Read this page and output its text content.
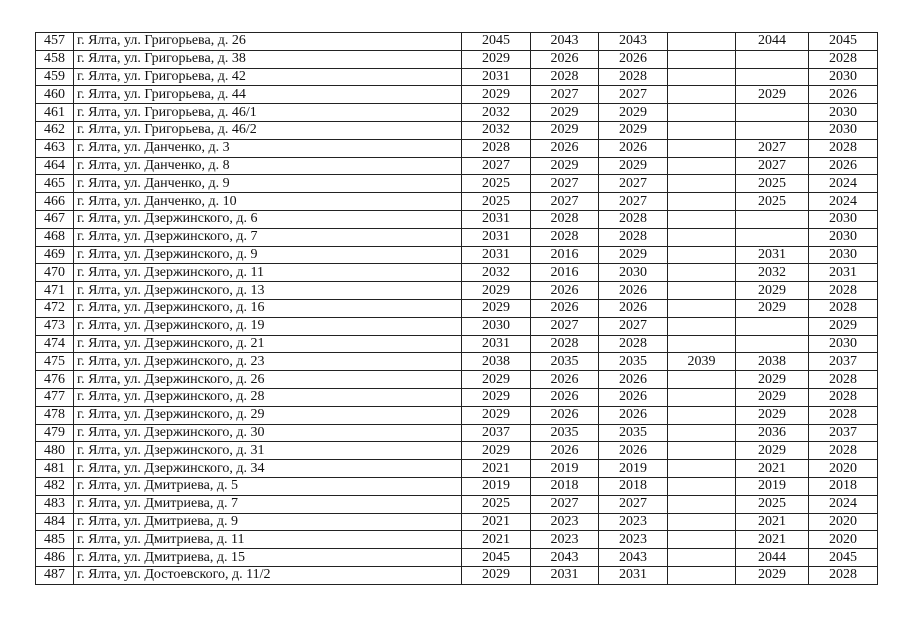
457	г. Ялта, ул. Григорьева, д. 26	2045	2043	2043		2044	2045
458	г. Ялта, ул. Григорьева, д. 38	2029	2026	2026			2028
459	г. Ялта, ул. Григорьева, д. 42	2031	2028	2028			2030
460	г. Ялта, ул. Григорьева, д. 44	2029	2027	2027		2029	2026
461	г. Ялта, ул. Григорьева, д. 46/1	2032	2029	2029			2030
462	г. Ялта, ул. Григорьева, д. 46/2	2032	2029	2029			2030
463	г. Ялта, ул. Данченко, д. 3	2028	2026	2026		2027	2028
464	г. Ялта, ул. Данченко, д. 8	2027	2029	2029		2027	2026
465	г. Ялта, ул. Данченко, д. 9	2025	2027	2027		2025	2024
466	г. Ялта, ул. Данченко, д. 10	2025	2027	2027		2025	2024
467	г. Ялта, ул. Дзержинского, д. 6	2031	2028	2028			2030
468	г. Ялта, ул. Дзержинского, д. 7	2031	2028	2028			2030
469	г. Ялта, ул. Дзержинского, д. 9	2031	2016	2029		2031	2030
470	г. Ялта, ул. Дзержинского, д. 11	2032	2016	2030		2032	2031
471	г. Ялта, ул. Дзержинского, д. 13	2029	2026	2026		2029	2028
472	г. Ялта, ул. Дзержинского, д. 16	2029	2026	2026		2029	2028
473	г. Ялта, ул. Дзержинского, д. 19	2030	2027	2027			2029
474	г. Ялта, ул. Дзержинского, д. 21	2031	2028	2028			2030
475	г. Ялта, ул. Дзержинского, д. 23	2038	2035	2035	2039	2038	2037
476	г. Ялта, ул. Дзержинского, д. 26	2029	2026	2026		2029	2028
477	г. Ялта, ул. Дзержинского, д. 28	2029	2026	2026		2029	2028
478	г. Ялта, ул. Дзержинского, д. 29	2029	2026	2026		2029	2028
479	г. Ялта, ул. Дзержинского, д. 30	2037	2035	2035		2036	2037
480	г. Ялта, ул. Дзержинского, д. 31	2029	2026	2026		2029	2028
481	г. Ялта, ул. Дзержинского, д. 34	2021	2019	2019		2021	2020
482	г. Ялта, ул. Дмитриева, д. 5	2019	2018	2018		2019	2018
483	г. Ялта, ул. Дмитриева, д. 7	2025	2027	2027		2025	2024
484	г. Ялта, ул. Дмитриева, д. 9	2021	2023	2023		2021	2020
485	г. Ялта, ул. Дмитриева, д. 11	2021	2023	2023		2021	2020
486	г. Ялта, ул. Дмитриева, д. 15	2045	2043	2043		2044	2045
487	г. Ялта, ул. Достоевского, д. 11/2	2029	2031	2031		2029	2028
